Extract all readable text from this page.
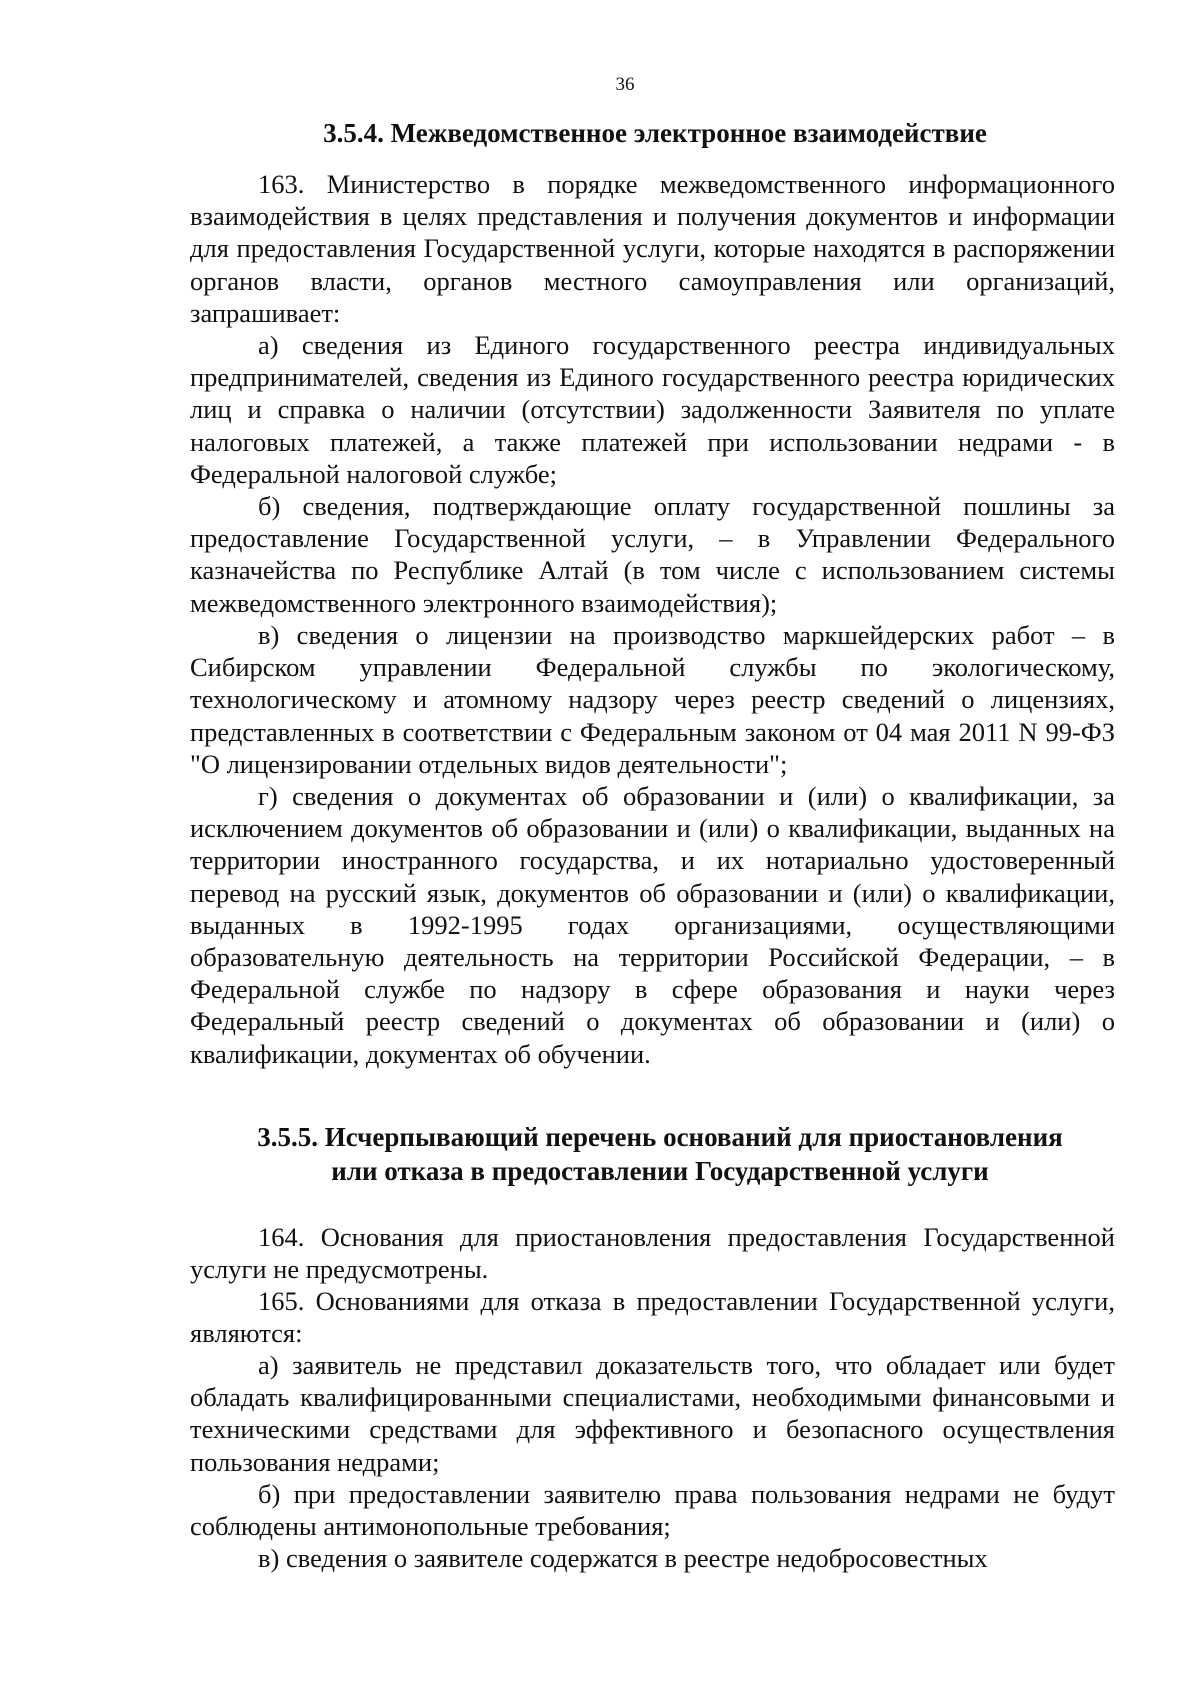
36
3.5.4. Межведомственное электронное взаимодействие

163. Министерство в порядке межведомственного информационного взаимодействия в целях представления и получения документов и информации для предоставления Государственной услуги, которые находятся в распоряжении органов власти, органов местного самоуправления или организаций, запрашивает:

а) сведения из Единого государственного реестра индивидуальных предпринимателей, сведения из Единого государственного реестра юридических лиц и справка о наличии (отсутствии) задолженности Заявителя по уплате налоговых платежей, а также платежей при использовании недрами - в Федеральной налоговой службе;

б) сведения, подтверждающие оплату государственной пошлины за предоставление Государственной услуги, – в Управлении Федерального казначейства по Республике Алтай (в том числе с использованием системы межведомственного электронного взаимодействия);

в) сведения о лицензии на производство маркшейдерских работ – в Сибирском управлении Федеральной службы по экологическому, технологическому и атомному надзору через реестр сведений о лицензиях, представленных в соответствии с Федеральным законом от 04 мая 2011 N 99-ФЗ "О лицензировании отдельных видов деятельности";

г) сведения о документах об образовании и (или) о квалификации, за исключением документов об образовании и (или) о квалификации, выданных на территории иностранного государства, и их нотариально удостоверенный перевод на русский язык, документов об образовании и (или) о квалификации, выданных в 1992-1995 годах организациями, осуществляющими образовательную деятельность на территории Российской Федерации, – в Федеральной службе по надзору в сфере образования и науки через Федеральный реестр сведений о документах об образовании и (или) о квалификации, документах об обучении.

3.5.5. Исчерпывающий перечень оснований для приостановления
или отказа в предоставлении Государственной услуги

164. Основания для приостановления предоставления Государственной услуги не предусмотрены.

165. Основаниями для отказа в предоставлении Государственной услуги, являются:

а) заявитель не представил доказательств того, что обладает или будет обладать квалифицированными специалистами, необходимыми финансовыми и техническими средствами для эффективного и безопасного осуществления пользования недрами;

б) при предоставлении заявителю права пользования недрами не будут соблюдены антимонопольные требования;

в) сведения о заявителе содержатся в реестре недобросовестных
